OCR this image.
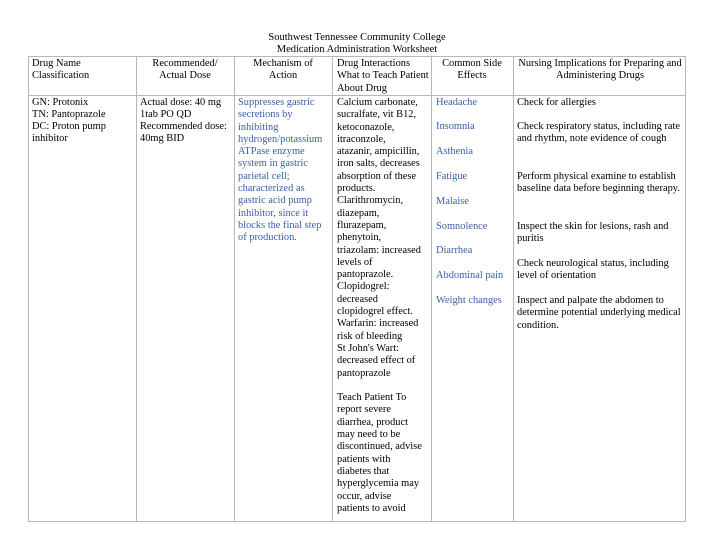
Southwest Tennessee Community College
Medication Administration Worksheet
Drug Name Classification
Recommended/ Actual Dose
Mechanism of Action
Drug Interactions What to Teach Patient About Drug
Common Side Effects
Nursing Implications for Preparing and Administering Drugs
GN: Protonix
TN: Pantoprazole
DC: Proton pump inhibitor
Actual dose: 40 mg 1tab PO QD
Recommended dose: 40mg BID
Suppresses gastric secretions by inhibiting hydrogen/potassium ATPase enzyme system in gastric parietal cell; characterized as gastric acid pump inhibitor, since it blocks the final step of production.
Calcium carbonate,
sucralfate, vit B12,
ketoconazole,
itraconzole,
atazanir, ampicillin,
iron salts, decreases
absorption of these
products.
Clarithromycin,
diazepam,
flurazepam,
phenytoin,
triazolam: increased
levels of
pantoprazole.
Clopidogrel:
decreased
clopidogrel effect.
Warfarin: increased
risk of bleeding
St John's Wart:
decreased effect of
pantoprazole

Teach Patient To
report severe
diarrhea, product
may need to be
discontinued, advise
patients with
diabetes that
hyperglycemia may
occur, advise
patients to avoid
Headache
Insomnia
Asthenia
Fatigue
Malaise
Somnolence
Diarrhea
Abdominal pain
Weight changes
Check for allergies
Check respiratory status, including rate and rhythm, note evidence of cough
Perform physical examine to establish baseline data before beginning therapy.
Inspect the skin for lesions, rash and puritis
Check neurological status, including level of orientation
Inspect and palpate the abdomen to determine potential underlying medical condition.
